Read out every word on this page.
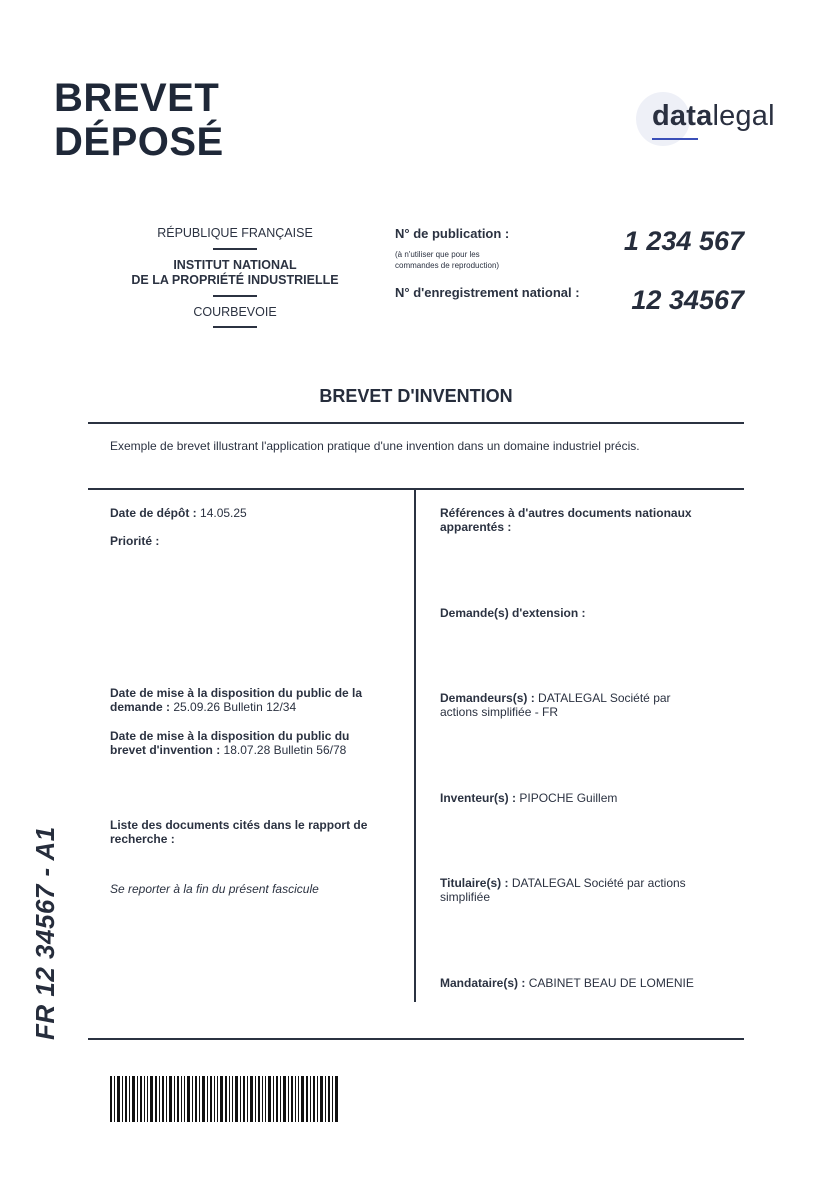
BREVET
DÉPOSÉ
datalegal
RÉPUBLIQUE FRANÇAISE
INSTITUT NATIONAL
DE LA PROPRIÉTÉ INDUSTRIELLE
COURBEVOIE
N° de publication :
(à n'utiliser que pour les
commandes de reproduction)
1 234 567
N° d'enregistrement national : 12 34567
BREVET D'INVENTION
Exemple de brevet illustrant l'application pratique d'une invention dans un domaine industriel précis.
Date de dépôt : 14.05.25
Priorité :
Date de mise à la disposition du public de la
demande : 25.09.26 Bulletin 12/34
Date de mise à la disposition du public du
brevet d'invention : 18.07.28 Bulletin 56/78
Liste des documents cités dans le rapport de
recherche :
Se reporter à la fin du présent fascicule
Références à d'autres documents nationaux
apparentés :
Demande(s) d'extension :
Demandeurs(s) : DATALEGAL Société par
actions simplifiée - FR
Inventeur(s) : PIPOCHE Guillem
Titulaire(s) : DATALEGAL Société par actions
simplifiée
Mandataire(s) : CABINET BEAU DE LOMENIE
FR 12 34567 - A1
